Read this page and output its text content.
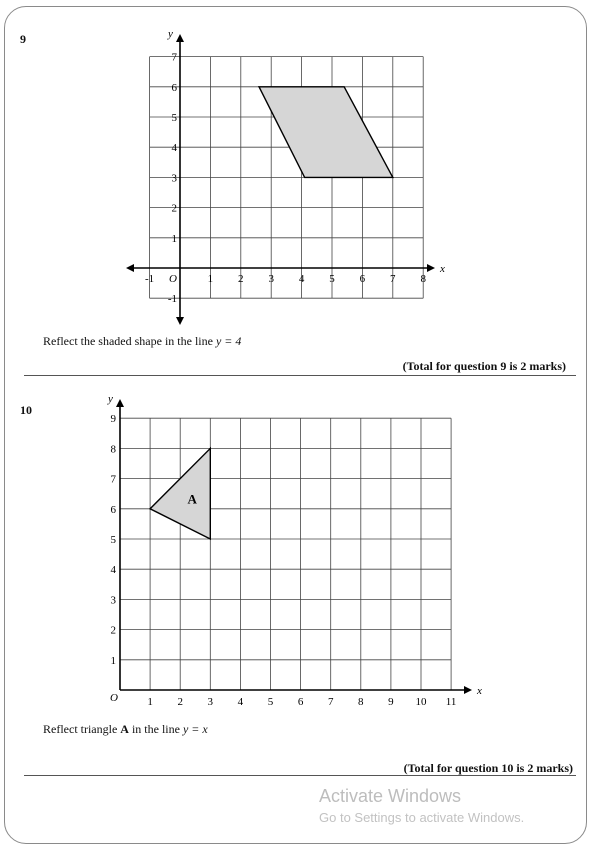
9
-1	1 2 3 4 5 6 7 8
-1
1
2
3
4
5
6
7
O
x
y
Reflect the shaded shape in the line y = 4
(Total for question 9 is 2 marks)
10
A
1 2 3 4 5 6 7 8 9 10 11
1
2
3
4
5
6
7
8
9
O
x
y
Reflect triangle A in the line y = x
(Total for question 10 is 2 marks)
Activate Windows
Go to Settings to activate Windows.
